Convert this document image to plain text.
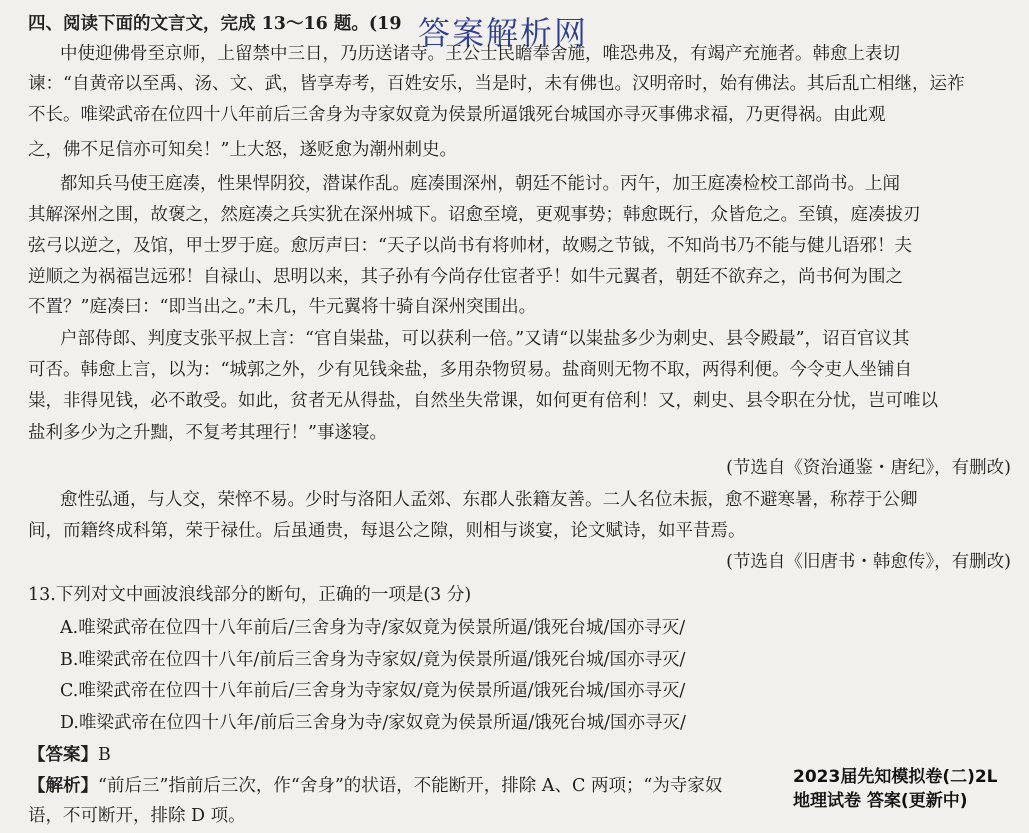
四、阅读下面的文言文，完成 13～16 题。(19 答案解析网
中使迎佛骨至京师，上留禁中三日，乃历送诸寺。王公士民瞻奉舍施，唯恐弗及，有竭产充施者。韩愈上表切
谏：“自黄帝以至禹、汤、文、武，皆享寿考，百姓安乐，当是时，未有佛也。汉明帝时，始有佛法。其后乱亡相继，运祚
不长。唯梁武帝在位四十八年前后三舍身为寺家奴竟为侯景所逼饿死台城国亦寻灭事佛求福，乃更得祸。由此观
之，佛不足信亦可知矣！”上大怒，遂贬愈为潮州刺史。
都知兵马使王庭凑，性果悍阴狡，潜谋作乱。庭凑围深州，朝廷不能讨。丙午，加王庭凑检校工部尚书。上闻
其解深州之围，故褒之，然庭凑之兵实犹在深州城下。诏愈至境，更观事势；韩愈既行，众皆危之。至镇，庭凑拔刃
弦弓以逆之，及馆，甲士罗于庭。愈厉声曰：“天子以尚书有将帅材，故赐之节钺，不知尚书乃不能与健儿语邪！夫
逆顺之为祸福岂远邪！自禄山、思明以来，其子孙有今尚存仕宦者乎！如牛元翼者，朝廷不欲弃之，尚书何为围之
不置？”庭凑曰：“即当出之。”未几，牛元翼将十骑自深州突围出。
户部侍郎、判度支张平叔上言：“官自粜盐，可以获利一倍。”又请“以粜盐多少为刺史、县令殿最”，诏百官议其
可否。韩愈上言，以为：“城郭之外，少有见钱籴盐，多用杂物贸易。盐商则无物不取，两得利便。今令吏人坐铺自
粜，非得见钱，必不敢受。如此，贫者无从得盐，自然坐失常课，如何更有倍利！又，刺史、县令职在分忧，岂可唯以
盐利多少为之升黜，不复考其理行！”事遂寝。
(节选自《资治通鉴・唐纪》，有删改)
愈性弘通，与人交，荣悴不易。少时与洛阳人孟郊、东郡人张籍友善。二人名位未振，愈不避寒暑，称荐于公卿
间，而籍终成科第，荣于禄仕。后虽通贵，每退公之隙，则相与谈宴，论文赋诗，如平昔焉。
(节选自《旧唐书・韩愈传》，有删改)
13.下列对文中画波浪线部分的断句，正确的一项是(3 分)
A.唯梁武帝在位四十八年前后/三舍身为寺/家奴竟为侯景所逼/饿死台城/国亦寻灭/
B.唯梁武帝在位四十八年/前后三舍身为寺家奴/竟为侯景所逼/饿死台城/国亦寻灭/
C.唯梁武帝在位四十八年前后/三舍身为寺家奴/竟为侯景所逼/饿死台城/国亦寻灭/
D.唯梁武帝在位四十八年/前后三舍身为寺/家奴竟为侯景所逼/饿死台城/国亦寻灭/
【答案】B
【解析】“前后三”指前后三次，作“舍身”的状语，不能断开，排除 A、C 两项；“为寺家奴
语，不可断开，排除 D 项。
2023届先知模拟卷(二)2L
地理试卷 答案(更新中)
